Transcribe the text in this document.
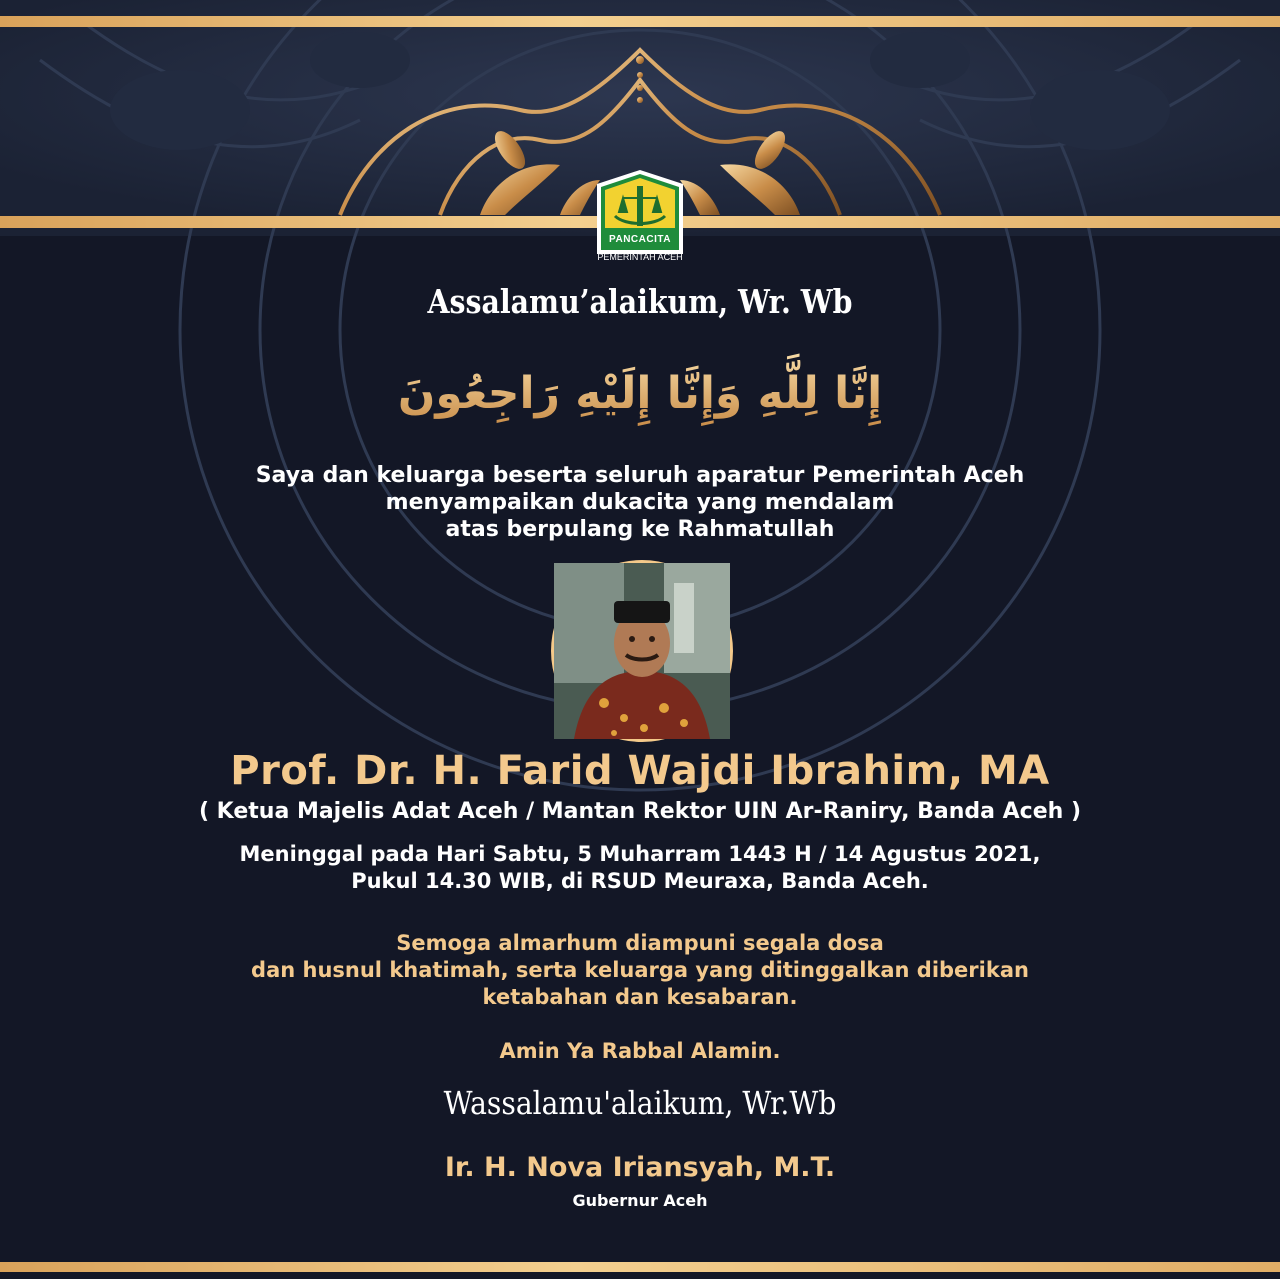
PANCACITA
PEMERINTAH ACEH
Assalamu’alaikum, Wr. Wb
إِنَّا لِلَّهِ وَإِنَّا إِلَيْهِ رَاجِعُونَ
Saya dan keluarga beserta seluruh aparatur Pemerintah Aceh
menyampaikan dukacita yang mendalam
atas berpulang ke Rahmatullah
Prof. Dr. H. Farid Wajdi Ibrahim, MA
( Ketua Majelis Adat Aceh / Mantan Rektor UIN Ar-Raniry, Banda Aceh )
Meninggal pada Hari Sabtu, 5 Muharram 1443 H / 14 Agustus 2021,
Pukul 14.30 WIB, di RSUD Meuraxa, Banda Aceh.
Semoga almarhum diampuni segala dosa
dan husnul khatimah, serta keluarga yang ditinggalkan diberikan
ketabahan dan kesabaran.
Amin Ya Rabbal Alamin.
Wassalamu'alaikum, Wr.Wb
Ir. H. Nova Iriansyah, M.T.
Gubernur Aceh
